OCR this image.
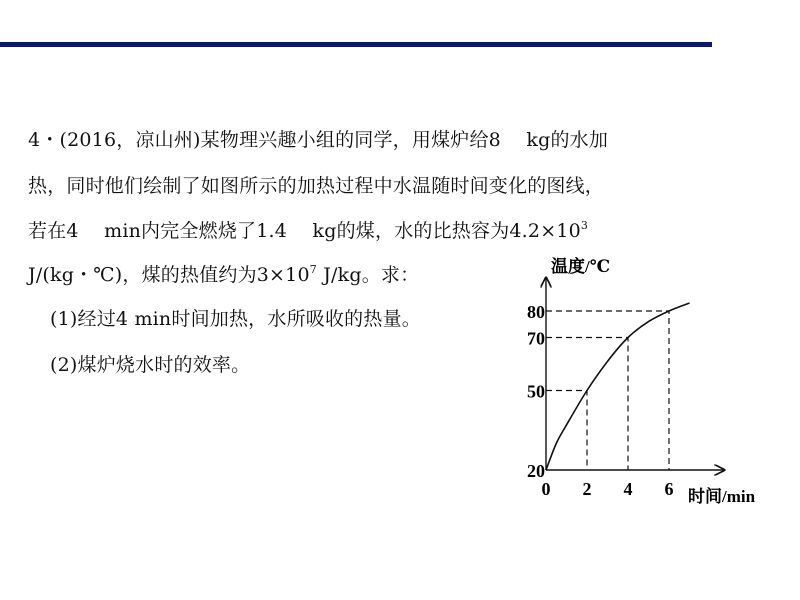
4・(2016，凉山州)某物理兴趣小组的同学，用煤炉给8　 kg的水加
热，同时他们绘制了如图所示的加热过程中水温随时间变化的图线，
若在4　 min内完全燃烧了1.4　 kg的煤，水的比热容为$4.2\times 10^3$
J/(kg・℃)，煤的热值约为$3\times 10^7$ J/kg。求：
(1)经过4 min时间加热，水所吸收的热量。
(2)煤炉烧水时的效率。
温度/℃
时间/min
0 2 4 6
20
50
70
80
